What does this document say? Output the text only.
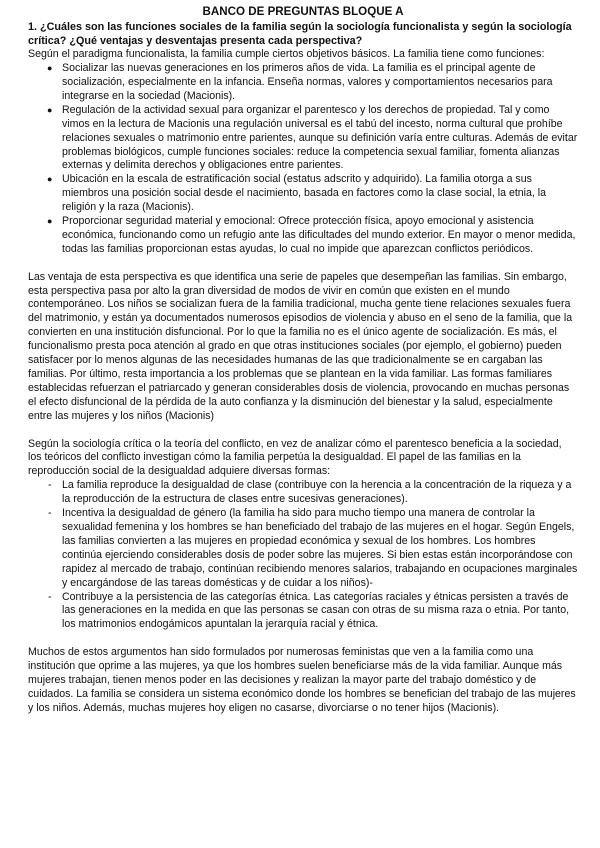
BANCO DE PREGUNTAS BLOQUE A

1. ¿Cuáles son las funciones sociales de la familia según la sociología funcionalista y según la sociología crítica? ¿Qué ventajas y desventajas presenta cada perspectiva?

Según el paradigma funcionalista, la familia cumple ciertos objetivos básicos. La familia tiene como funciones:

● Socializar las nuevas generaciones en los primeros años de vida. La familia es el principal agente de socialización, especialmente en la infancia. Enseña normas, valores y comportamientos necesarios para integrarse en la sociedad (Macionis).
● Regulación de la actividad sexual para organizar el parentesco y los derechos de propiedad. Tal y como vimos en la lectura de Macionis una regulación universal es el tabú del incesto, norma cultural que prohíbe relaciones sexuales o matrimonio entre parientes, aunque su definición varía entre culturas. Además de evitar problemas biológicos, cumple funciones sociales: reduce la competencia sexual familiar, fomenta alianzas externas y delimita derechos y obligaciones entre parientes.
● Ubicación en la escala de estratificación social (estatus adscrito y adquirido). La familia otorga a sus miembros una posición social desde el nacimiento, basada en factores como la clase social, la etnia, la religión y la raza (Macionis).
● Proporcionar seguridad material y emocional: Ofrece protección física, apoyo emocional y asistencia económica, funcionando como un refugio ante las dificultades del mundo exterior. En mayor o menor medida, todas las familias proporcionan estas ayudas, lo cual no impide que aparezcan conflictos periódicos.

Las ventaja de esta perspectiva es que identifica una serie de papeles que desempeñan las familias. Sin embargo, esta perspectiva pasa por alto la gran diversidad de modos de vivir en común que existen en el mundo contemporáneo. Los niños se socializan fuera de la familia tradicional, mucha gente tiene relaciones sexuales fuera del matrimonio, y están ya documentados numerosos episodios de violencia y abuso en el seno de la familia, que la convierten en una institución disfuncional. Por lo que la familia no es el único agente de socialización. Es más, el funcionalismo presta poca atención al grado en que otras instituciones sociales (por ejemplo, el gobierno) pueden satisfacer por lo menos algunas de las necesidades humanas de las que tradicionalmente se en cargaban las familias. Por último, resta importancia a los problemas que se plantean en la vida familiar. Las formas familiares establecidas refuerzan el patriarcado y generan considerables dosis de violencia, provocando en muchas personas el efecto disfuncional de la pérdida de la auto confianza y la disminución del bienestar y la salud, especialmente entre las mujeres y los niños (Macionis)

Según la sociología crítica o la teoría del conflicto, en vez de analizar cómo el parentesco beneficia a la sociedad, los teóricos del conflicto investigan cómo la familia perpetúa la desigualdad. El papel de las familias en la reproducción social de la desigualdad adquiere diversas formas:

- La familia reproduce la desigualdad de clase (contribuye con la herencia a la concentración de la riqueza y a la reproducción de la estructura de clases entre sucesivas generaciones).
- Incentiva la desigualdad de género (la familia ha sido para mucho tiempo una manera de controlar la sexualidad femenina y los hombres se han beneficiado del trabajo de las mujeres en el hogar. Según Engels, las familias convierten a las mujeres en propiedad económica y sexual de los hombres. Los hombres continúa ejerciendo considerables dosis de poder sobre las mujeres. Si bien estas están incorporándose con rapidez al mercado de trabajo, continúan recibiendo menores salarios, trabajando en ocupaciones marginales y encargándose de las tareas domésticas y de cuidar a los niños)-
- Contribuye a la persistencia de las categorías étnica. Las categorías raciales y étnicas persisten a través de las generaciones en la medida en que las personas se casan con otras de su misma raza o etnia. Por tanto, los matrimonios endogámicos apuntalan la jerarquía racial y étnica.

Muchos de estos argumentos han sido formulados por numerosas feministas que ven a la familia como una institución que oprime a las mujeres, ya que los hombres suelen beneficiarse más de la vida familiar. Aunque más mujeres trabajan, tienen menos poder en las decisiones y realizan la mayor parte del trabajo doméstico y de cuidados. La familia se considera un sistema económico donde los hombres se benefician del trabajo de las mujeres y los niños. Además, muchas mujeres hoy eligen no casarse, divorciarse o no tener hijos (Macionis).
